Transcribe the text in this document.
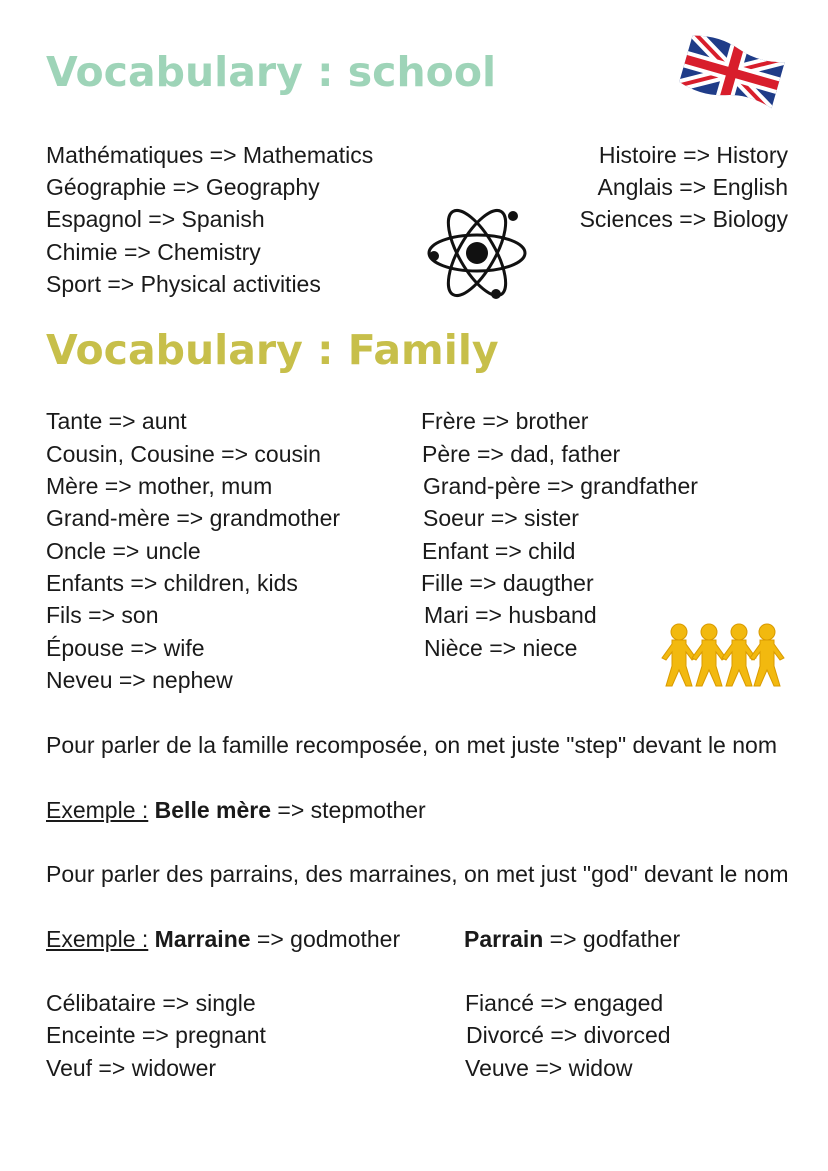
Vocabulary : school
Mathématiques => Mathematics
Géographie => Geography
Espagnol => Spanish
Chimie => Chemistry
Sport => Physical activities
Histoire => History
Anglais => English
Sciences => Biology
Vocabulary : Family
Tante => aunt
Cousin, Cousine => cousin
Mère => mother, mum
Grand-mère => grandmother
Oncle => uncle
Enfants => children, kids
Fils => son
Épouse => wife
Neveu => nephew
Frère => brother
Père => dad, father
Grand-père => grandfather
Soeur => sister
Enfant => child
Fille => daugther
Mari => husband
Nièce => niece
Pour parler de la famille recomposée, on met juste "step" devant le nom
Exemple : Belle mère => stepmother
Pour parler des parrains, des marraines, on met just "god" devant le nom
Exemple : Marraine => godmother	Parrain => godfather
Célibataire => single
Enceinte => pregnant
Veuf => widower
Fiancé => engaged
Divorcé => divorced
Veuve => widow
